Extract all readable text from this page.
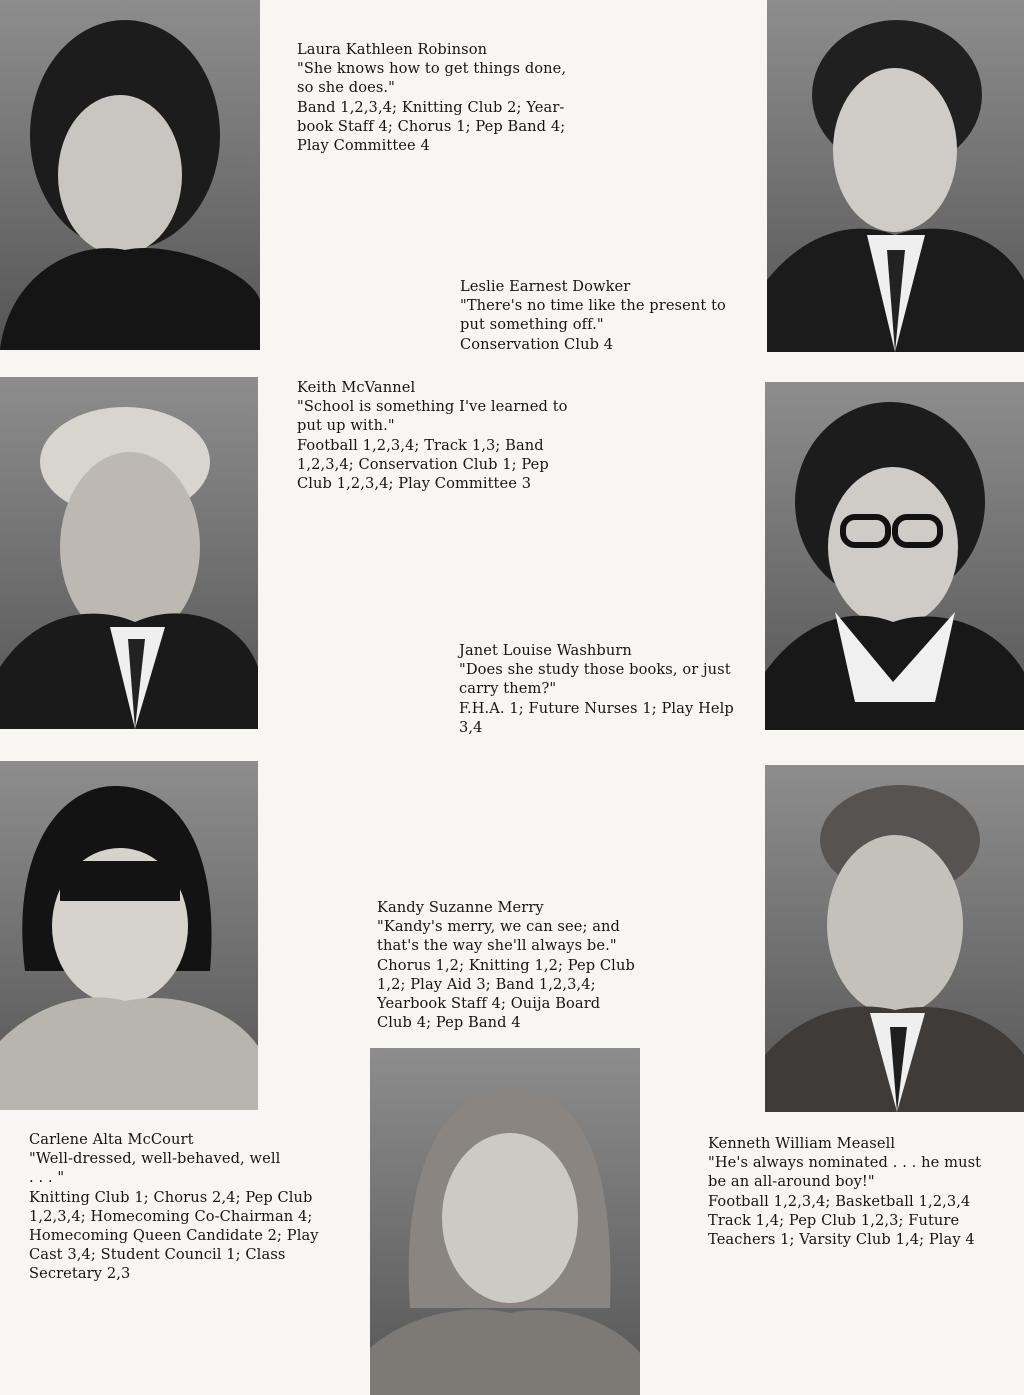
Laura Kathleen Robinson
"She knows how to get things done,
so she does."
Band 1,2,3,4; Knitting Club 2; Year-
book Staff 4; Chorus 1; Pep Band 4;
Play Committee 4
Leslie Earnest Dowker
"There's no time like the present to
put something off."
Conservation Club 4
Keith McVannel
"School is something I've learned to
put up with."
Football 1,2,3,4; Track 1,3; Band
1,2,3,4; Conservation Club 1; Pep
Club 1,2,3,4; Play Committee 3
Janet Louise Washburn
"Does she study those books, or just
carry them?"
F.H.A. 1; Future Nurses 1; Play Help
3,4
Kandy Suzanne Merry
"Kandy's merry, we can see; and
that's the way she'll always be."
Chorus 1,2; Knitting 1,2; Pep Club
1,2; Play Aid 3; Band 1,2,3,4;
Yearbook Staff 4; Ouija Board
Club 4; Pep Band 4
Carlene Alta McCourt
"Well-dressed, well-behaved, well
. . . "
Knitting Club 1; Chorus 2,4; Pep Club
1,2,3,4; Homecoming Co-Chairman 4;
Homecoming Queen Candidate 2; Play
Cast 3,4; Student Council 1; Class
Secretary 2,3
Kenneth William Measell
"He's always nominated . . . he must
be an all-around boy!"
Football 1,2,3,4; Basketball 1,2,3,4
Track 1,4; Pep Club 1,2,3; Future
Teachers 1; Varsity Club 1,4; Play 4
